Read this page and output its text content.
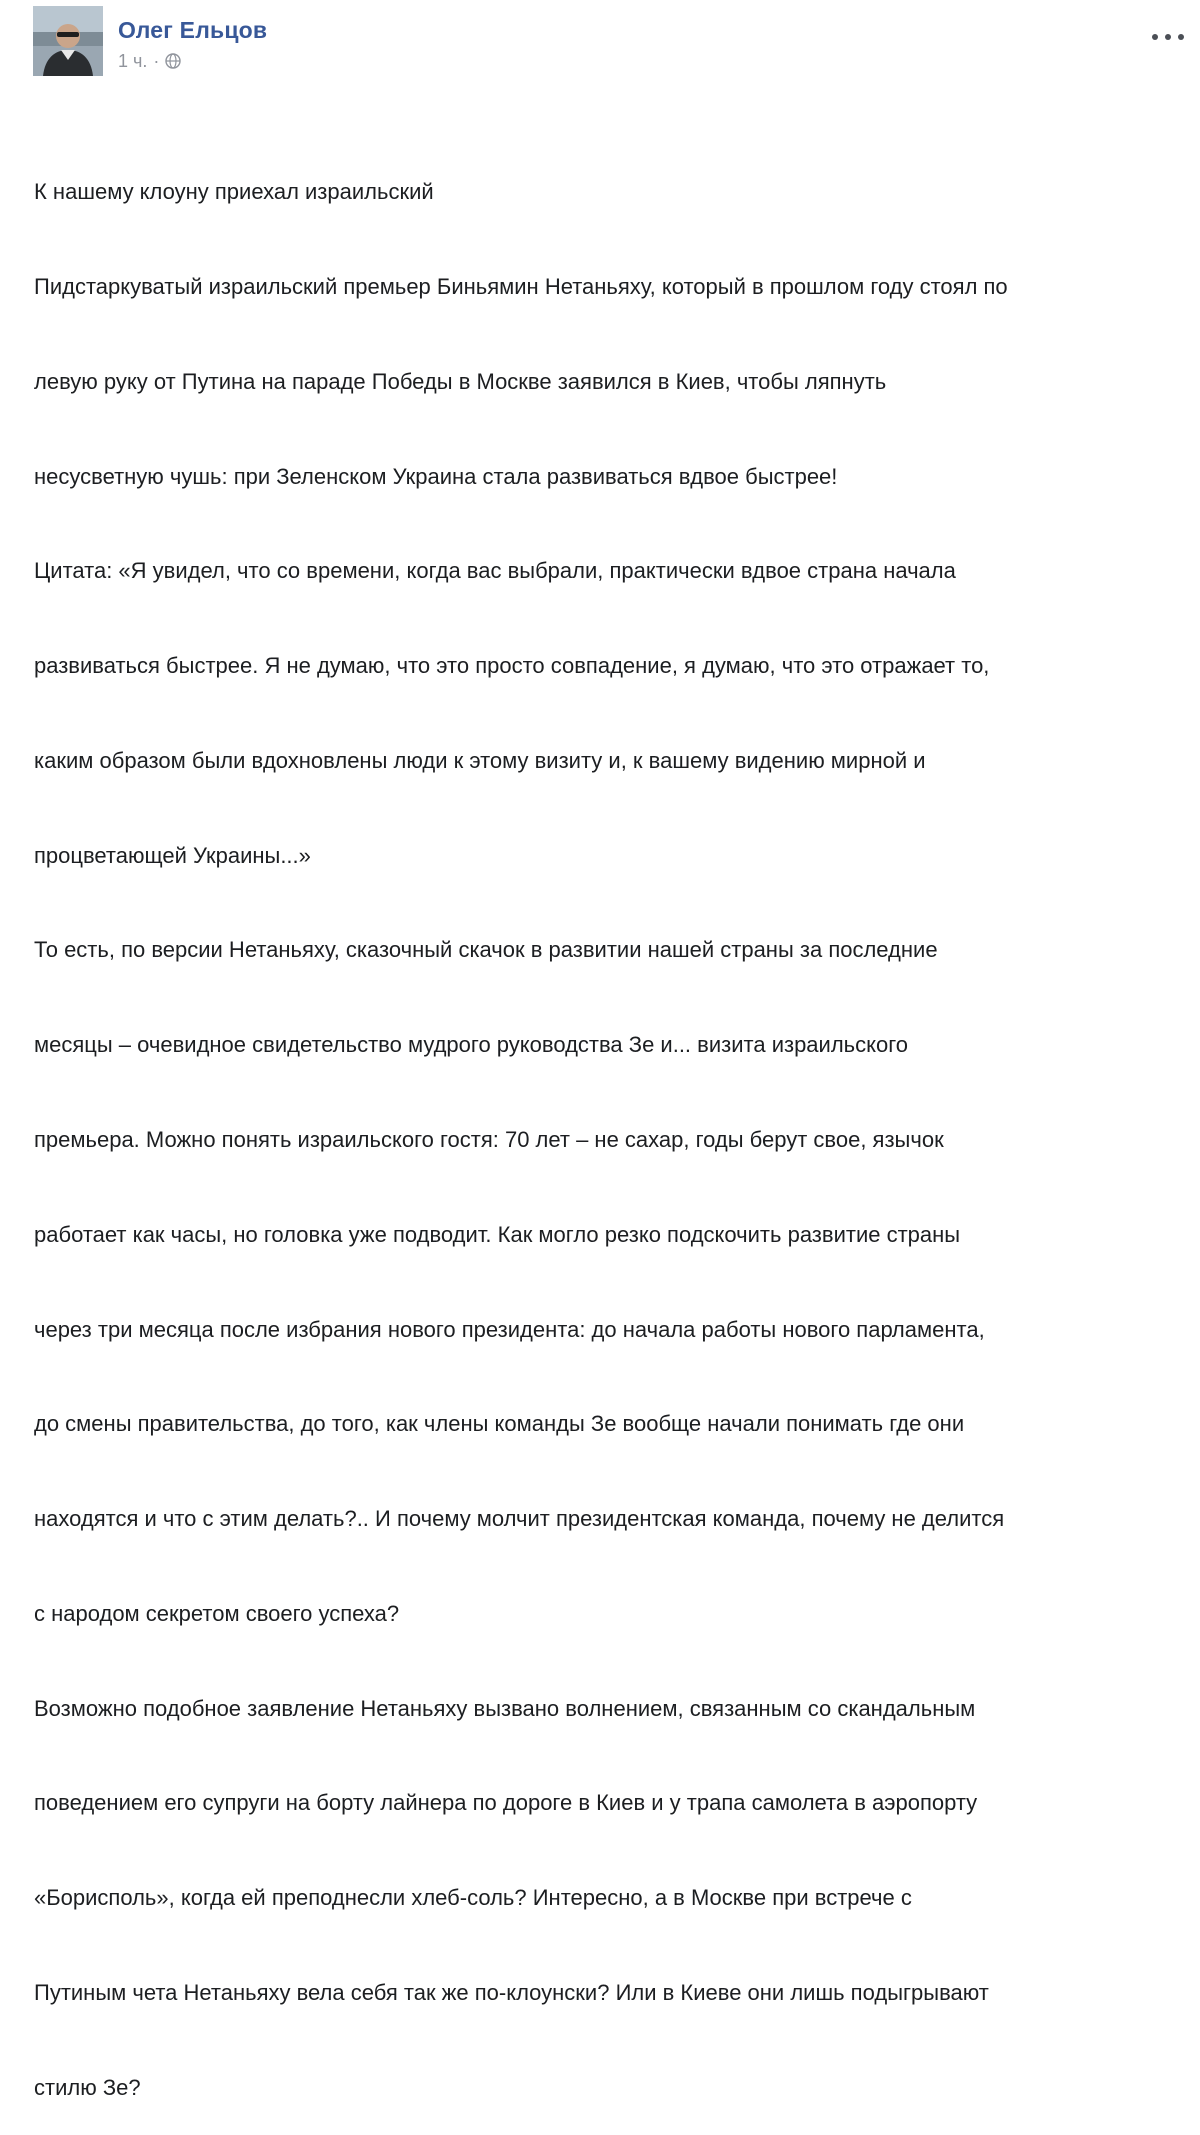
Олег Ельцов
1 ч. ·

К нашему клоуну приехал израильский

Пидстаркуватый израильский премьер Биньямин Нетаньяху, который в прошлом году стоял по

левую руку от Путина на параде Победы в Москве заявился в Киев, чтобы ляпнуть

несусветную чушь: при Зеленском Украина стала развиваться вдвое быстрее!

Цитата: «Я увидел, что со времени, когда вас выбрали, практически вдвое страна начала

развиваться быстрее. Я не думаю, что это просто совпадение, я думаю, что это отражает то,

каким образом были вдохновлены люди к этому визиту и, к вашему видению мирной и

процветающей Украины...»

То есть, по версии Нетаньяху, сказочный скачок в развитии нашей страны за последние

месяцы – очевидное свидетельство мудрого руководства Зе и... визита израильского

премьера. Можно понять израильского гостя: 70 лет – не сахар, годы берут свое, язычок

работает как часы, но головка уже подводит. Как могло резко подскочить развитие страны

через три месяца после избрания нового президента: до начала работы нового парламента,

до смены правительства, до того, как члены команды Зе вообще начали понимать где они

находятся и что с этим делать?.. И почему молчит президентская команда, почему не делится

с народом секретом своего успеха?

Возможно подобное заявление Нетаньяху вызвано волнением, связанным со скандальным

поведением его супруги на борту лайнера по дороге в Киев и у трапа самолета в аэропорту

«Борисполь», когда ей преподнесли хлеб-соль? Интересно, а в Москве при встрече с

Путиным чета Нетаньяху вела себя так же по-клоунски? Или в Киеве они лишь подыгрывают

стилю Зе?
